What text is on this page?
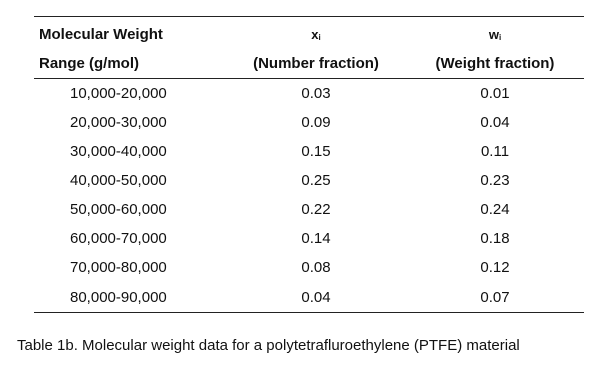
Molecular Weight	$x_i$	$w_i$
Range (g/mol)	(Number fraction)	(Weight fraction)
10,000-20,000	0.03	0.01
20,000-30,000	0.09	0.04
30,000-40,000	0.15	0.11
40,000-50,000	0.25	0.23
50,000-60,000	0.22	0.24
60,000-70,000	0.14	0.18
70,000-80,000	0.08	0.12
80,000-90,000	0.04	0.07
Table 1b. Molecular weight data for a polytetrafluroethylene (PTFE) material
